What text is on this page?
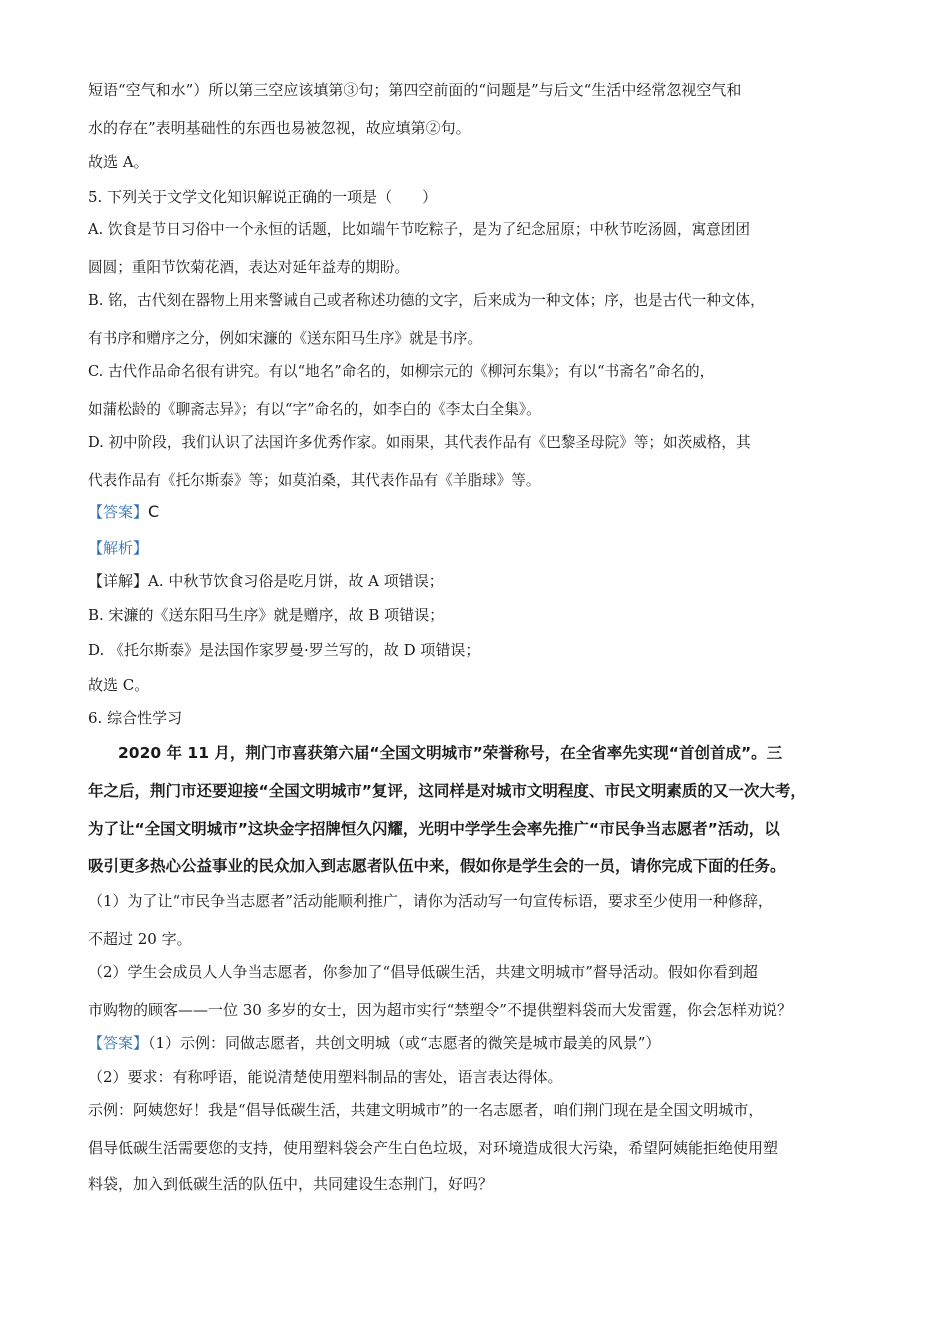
短语“空气和水”）所以第三空应该填第③句；第四空前面的“问题是”与后文“生活中经常忽视空气和
水的存在”表明基础性的东西也易被忽视，故应填第②句。
故选 A。
5. 下列关于文学文化知识解说正确的一项是（　　）
A. 饮食是节日习俗中一个永恒的话题，比如端午节吃粽子，是为了纪念屈原；中秋节吃汤圆，寓意团团
圆圆；重阳节饮菊花酒，表达对延年益寿的期盼。
B. 铭，古代刻在器物上用来警诫自己或者称述功德的文字，后来成为一种文体；序，也是古代一种文体，
有书序和赠序之分，例如宋濂的《送东阳马生序》就是书序。
C. 古代作品命名很有讲究。有以“地名”命名的，如柳宗元的《柳河东集》；有以“书斋名”命名的，
如蒲松龄的《聊斋志异》；有以“字”命名的，如李白的《李太白全集》。
D. 初中阶段，我们认识了法国许多优秀作家。如雨果，其代表作品有《巴黎圣母院》等；如茨威格，其
代表作品有《托尔斯泰》等；如莫泊桑，其代表作品有《羊脂球》等。
【答案】C
【解析】
【详解】A. 中秋节饮食习俗是吃月饼，故 A 项错误；
B. 宋濂的《送东阳马生序》就是赠序，故 B 项错误；
D. 《托尔斯泰》是法国作家罗曼·罗兰写的，故 D 项错误；
故选 C。
6. 综合性学习
2020 年 11 月，荆门市喜获第六届“全国文明城市”荣誉称号，在全省率先实现“首创首成”。三
年之后，荆门市还要迎接“全国文明城市”复评，这同样是对城市文明程度、市民文明素质的又一次大考，
为了让“全国文明城市”这块金字招牌恒久闪耀，光明中学学生会率先推广“市民争当志愿者”活动，以
吸引更多热心公益事业的民众加入到志愿者队伍中来，假如你是学生会的一员，请你完成下面的任务。
（1）为了让“市民争当志愿者”活动能顺利推广，请你为活动写一句宣传标语，要求至少使用一种修辞，
不超过 20 字。
（2）学生会成员人人争当志愿者，你参加了“倡导低碳生活，共建文明城市”督导活动。假如你看到超
市购物的顾客——一位 30 多岁的女士，因为超市实行“禁塑令”不提供塑料袋而大发雷霆，你会怎样劝说？
【答案】（1）示例：同做志愿者，共创文明城（或“志愿者的微笑是城市最美的风景”）
（2）要求：有称呼语，能说清楚使用塑料制品的害处，语言表达得体。
示例：阿姨您好！我是“倡导低碳生活，共建文明城市”的一名志愿者，咱们荆门现在是全国文明城市，
倡导低碳生活需要您的支持，使用塑料袋会产生白色垃圾，对环境造成很大污染，希望阿姨能拒绝使用塑
料袋，加入到低碳生活的队伍中，共同建设生态荆门，好吗？
